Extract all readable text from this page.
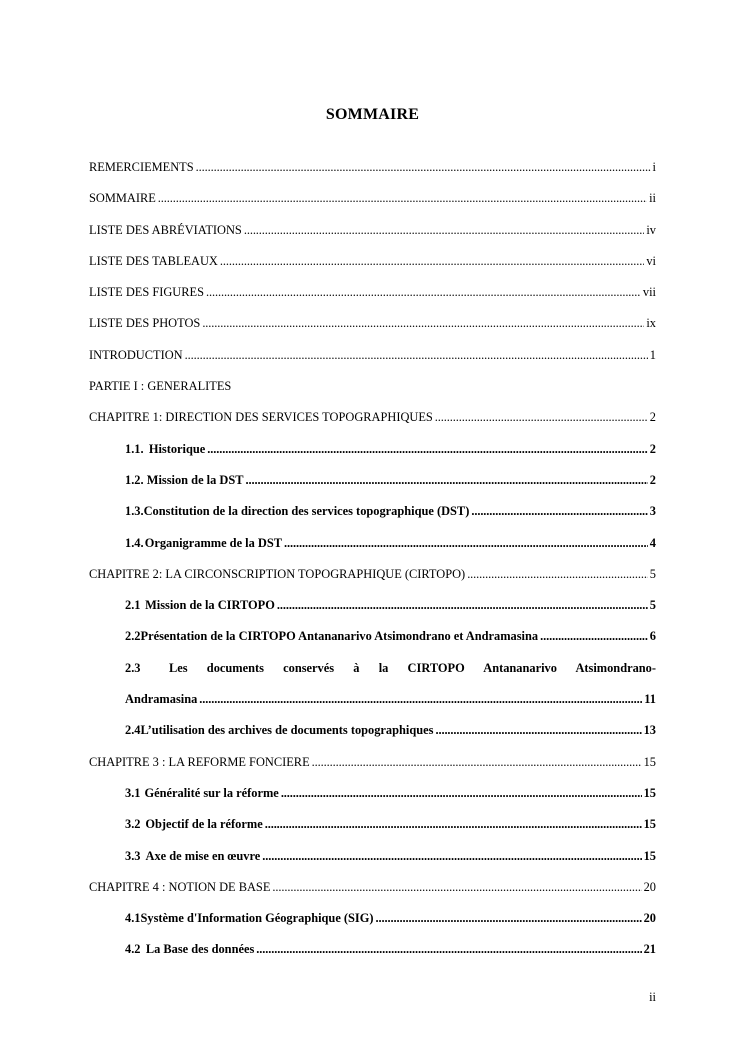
SOMMAIRE
REMERCIEMENTS . . .	i
SOMMAIRE . . .	ii
LISTE DES ABRÉVIATIONS . . .	iv
LISTE DES TABLEAUX . . .	vi
LISTE DES FIGURES . . .	vii
LISTE DES PHOTOS . . .	ix
INTRODUCTION . . .	1
PARTIE I : GENERALITES
CHAPITRE 1: DIRECTION DES SERVICES TOPOGRAPHIQUES . . .	2
1.1. Historique . . .	2
1.2. Mission de la DST . . .	2
1.3. Constitution de la direction des services topographique (DST) . . .	3
1.4. Organigramme de la DST . . .	4
CHAPITRE 2: LA CIRCONSCRIPTION TOPOGRAPHIQUE (CIRTOPO) . . .	5
2.1 Mission de la CIRTOPO . . .	5
2.2 Présentation de la CIRTOPO Antananarivo Atsimondrano et Andramasina . . .	6
2.3	Les documents conservés à la CIRTOPO Antananarivo Atsimondrano-
Andramasina . . .	11
2.4 L’utilisation des archives de documents topographiques . . .	13
CHAPITRE 3 : LA REFORME FONCIERE . . .	15
3.1 Généralité sur la réforme . . .	15
3.2 Objectif de la réforme . . .	15
3.3 Axe de mise en œuvre . . .	15
CHAPITRE 4 : NOTION DE BASE . . .	20
4.1 Système d'Information Géographique (SIG) . . .	20
4.2 La Base des données . . .	21
ii
